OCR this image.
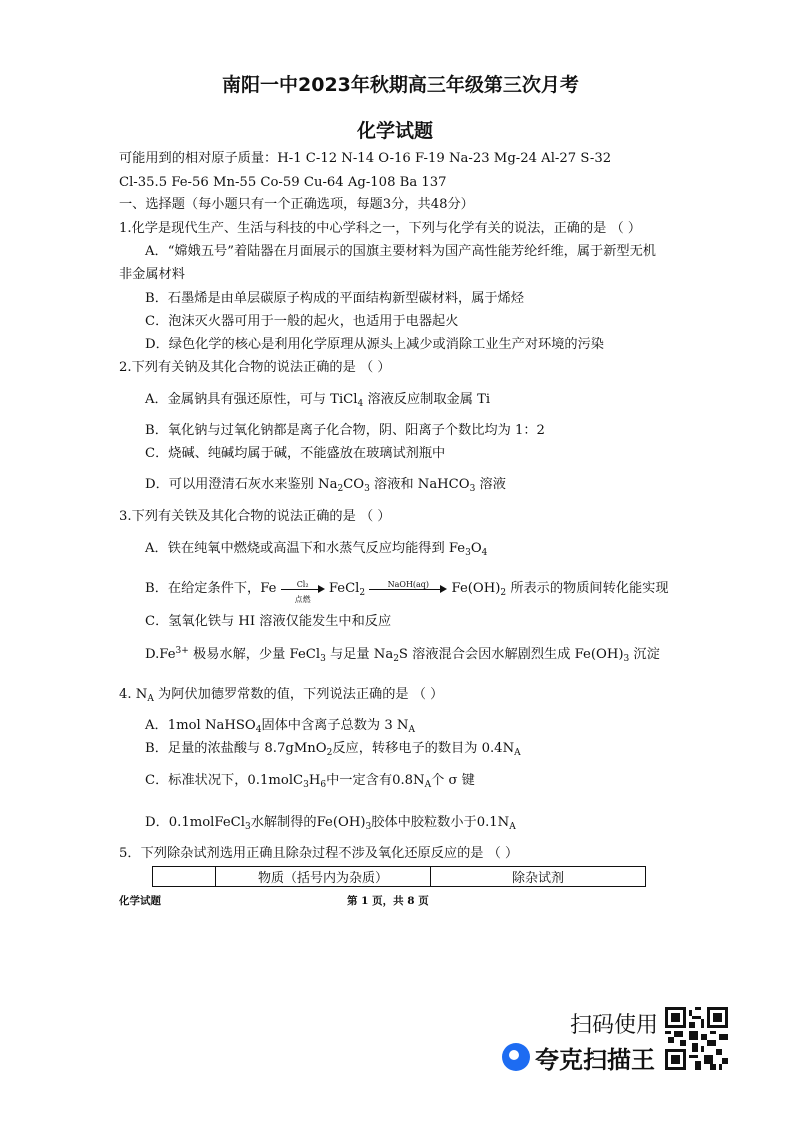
南阳一中2023年秋期高三年级第三次月考
化学试题
可能用到的相对原子质量：H-1 C-12 N-14 O-16 F-19 Na-23 Mg-24 Al-27 S-32
Cl-35.5 Fe-56 Mn-55 Co-59 Cu-64 Ag-108 Ba 137
一、选择题（每小题只有一个正确选项，每题3分，共48分）
1.化学是现代生产、生活与科技的中心学科之一，下列与化学有关的说法，正确的是 （ ）
A．“嫦娥五号”着陆器在月面展示的国旗主要材料为国产高性能芳纶纤维，属于新型无机
非金属材料
B．石墨烯是由单层碳原子构成的平面结构新型碳材料，属于烯烃
C．泡沫灭火器可用于一般的起火，也适用于电器起火
D．绿色化学的核心是利用化学原理从源头上减少或消除工业生产对环境的污染
2.下列有关钠及其化合物的说法正确的是 （ ）
A．金属钠具有强还原性，可与 TiCl$_4$ 溶液反应制取金属 Ti
B．氧化钠与过氧化钠都是离子化合物，阴、阳离子个数比均为 1：2
C．烧碱、纯碱均属于碱，不能盛放在玻璃试剂瓶中
D．可以用澄清石灰水来鉴别 $Na_2CO_3$ 溶液和 NaHCO$_3$ 溶液
3.下列有关铁及其化合物的说法正确的是 （ ）
A．铁在纯氧中燃烧或高温下和水蒸气反应均能得到 $Fe_3O_4$
B．在给定条件下，Fe	Cl₂
点燃
FeCl$_2$
NaOH(aq)	$Fe(OH)_2$ 所表示的物质间转化能实现
C．氢氧化铁与 HI 溶液仅能发生中和反应
$D.Fe^{3+}$ 极易水解，少量 FeCl$_3$ 与足量 $Na_2S$ 溶液混合会因水解剧烈生成 $Fe(OH)_3$ 沉淀
4. $N_A$ 为阿伏加德罗常数的值，下列说法正确的是 （ ）
A．1mol NaHSO$_4$固体中含离子总数为 3 $N_A$
B．足量的浓盐酸与 8.7gMnO$_2$反应，转移电子的数目为 $0.4N_A$
C．标准状况下，$0.1molC_3H_6$中一定含有$0.8N_A$个 σ 键
D．0.1molFeCl$_3$水解制得的$Fe(OH)_3$胶体中胶粒数小于$0.1N_A$
5．下列除杂试剂选用正确且除杂过程不涉及氧化还原反应的是 （ ）
	物质（括号内为杂质）	除杂试剂
化学试题	第 1 页，共 8 页
扫码使用
夸克扫描王
